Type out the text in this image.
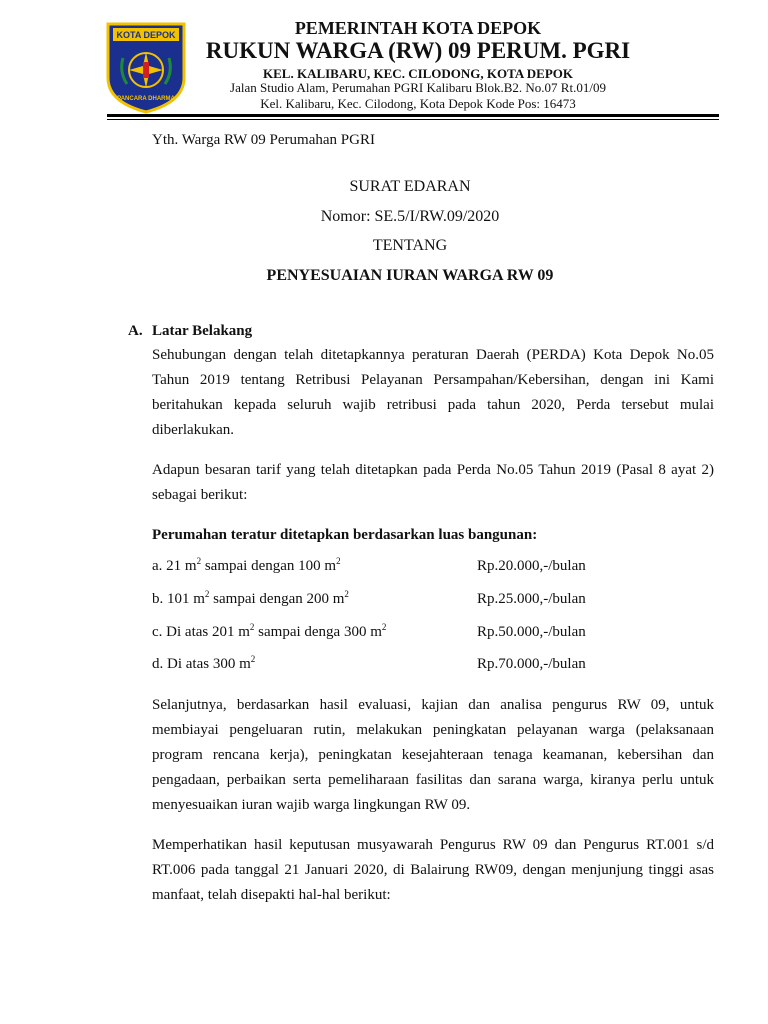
KOTA DEPOK
PANCARA DHARMA
PEMERINTAH KOTA DEPOK
RUKUN WARGA (RW) 09 PERUM. PGRI
KEL. KALIBARU, KEC. CILODONG, KOTA DEPOK
Jalan Studio Alam, Perumahan PGRI Kalibaru Blok.B2. No.07 Rt.01/09
Kel. Kalibaru, Kec. Cilodong, Kota Depok Kode Pos: 16473
Yth. Warga RW 09 Perumahan PGRI
SURAT EDARAN
Nomor: SE.5/I/RW.09/2020
TENTANG
PENYESUAIAN IURAN WARGA RW 09
A. Latar Belakang
Sehubungan dengan telah ditetapkannya peraturan Daerah (PERDA) Kota Depok No.05 Tahun 2019 tentang Retribusi Pelayanan Persampahan/Kebersihan, dengan ini Kami beritahukan kepada seluruh wajib retribusi pada tahun 2020, Perda tersebut mulai diberlakukan.
Adapun besaran tarif yang telah ditetapkan pada Perda No.05 Tahun 2019 (Pasal 8 ayat 2) sebagai berikut:
Perumahan teratur ditetapkan berdasarkan luas bangunan:
a. 21 $m^2$ sampai dengan 100 $m^2$	Rp.20.000,-/bulan
b. 101 $m^2$ sampai dengan 200 $m^2$	Rp.25.000,-/bulan
c. Di atas 201 $m^2$ sampai denga 300 $m^2$	Rp.50.000,-/bulan
d. Di atas 300 $m^2$	Rp.70.000,-/bulan
Selanjutnya, berdasarkan hasil evaluasi, kajian dan analisa pengurus RW 09, untuk membiayai pengeluaran rutin, melakukan peningkatan pelayanan warga (pelaksanaan program rencana kerja), peningkatan kesejahteraan tenaga keamanan, kebersihan dan pengadaan, perbaikan serta pemeliharaan fasilitas dan sarana warga, kiranya perlu untuk menyesuaikan iuran wajib warga lingkungan RW 09.
Memperhatikan hasil keputusan musyawarah Pengurus RW 09 dan Pengurus RT.001 s/d RT.006 pada tanggal 21 Januari 2020, di Balairung RW09, dengan menjunjung tinggi asas manfaat, telah disepakti hal-hal berikut:
